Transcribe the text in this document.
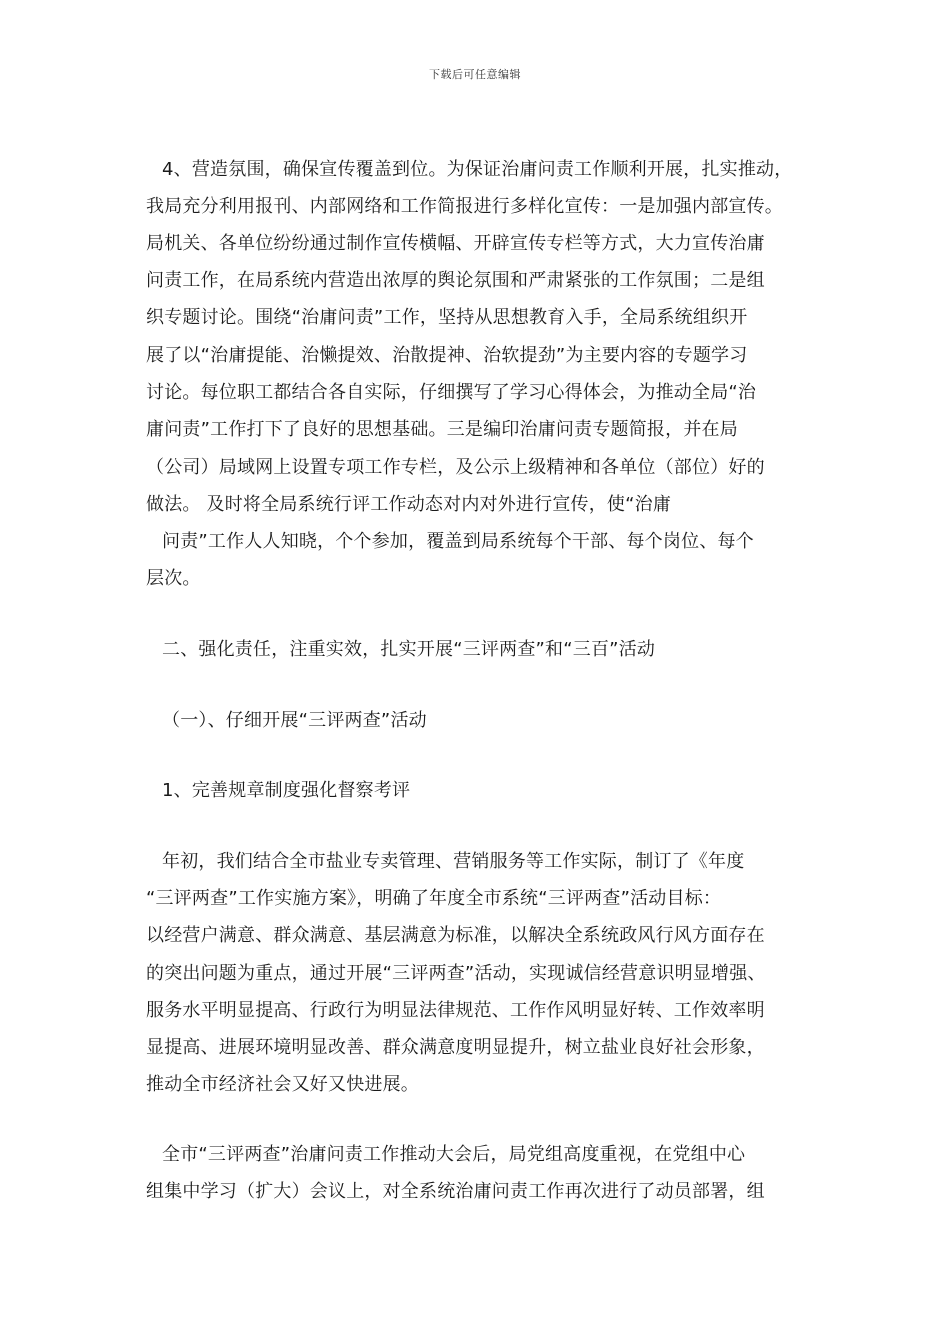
下载后可任意编辑
4、营造氛围，确保宣传覆盖到位。为保证治庸问责工作顺利开展，扎实推动，
我局充分利用报刊、内部网络和工作简报进行多样化宣传：一是加强内部宣传。
局机关、各单位纷纷通过制作宣传横幅、开辟宣传专栏等方式，大力宣传治庸
问责工作，在局系统内营造出浓厚的舆论氛围和严肃紧张的工作氛围；二是组
织专题讨论。围绕“治庸问责”工作，坚持从思想教育入手，全局系统组织开
展了以“治庸提能、治懒提效、治散提神、治软提劲”为主要内容的专题学习
讨论。每位职工都结合各自实际，仔细撰写了学习心得体会，为推动全局“治
庸问责”工作打下了良好的思想基础。三是编印治庸问责专题简报，并在局
（公司）局域网上设置专项工作专栏，及公示上级精神和各单位（部位）好的
做法。 及时将全局系统行评工作动态对内对外进行宣传，使“治庸
问责”工作人人知晓，个个参加，覆盖到局系统每个干部、每个岗位、每个
层次。
二、强化责任，注重实效，扎实开展“三评两查”和“三百”活动
（一）、仔细开展“三评两查”活动
1、完善规章制度强化督察考评
年初，我们结合全市盐业专卖管理、营销服务等工作实际，制订了《年度
“三评两查”工作实施方案》，明确了年度全市系统“三评两查”活动目标：
以经营户满意、群众满意、基层满意为标准，以解决全系统政风行风方面存在
的突出问题为重点，通过开展“三评两查”活动，实现诚信经营意识明显增强、
服务水平明显提高、行政行为明显法律规范、工作作风明显好转、工作效率明
显提高、进展环境明显改善、群众满意度明显提升，树立盐业良好社会形象，
推动全市经济社会又好又快进展。
全市“三评两查”治庸问责工作推动大会后，局党组高度重视，在党组中心
组集中学习（扩大）会议上，对全系统治庸问责工作再次进行了动员部署，组
